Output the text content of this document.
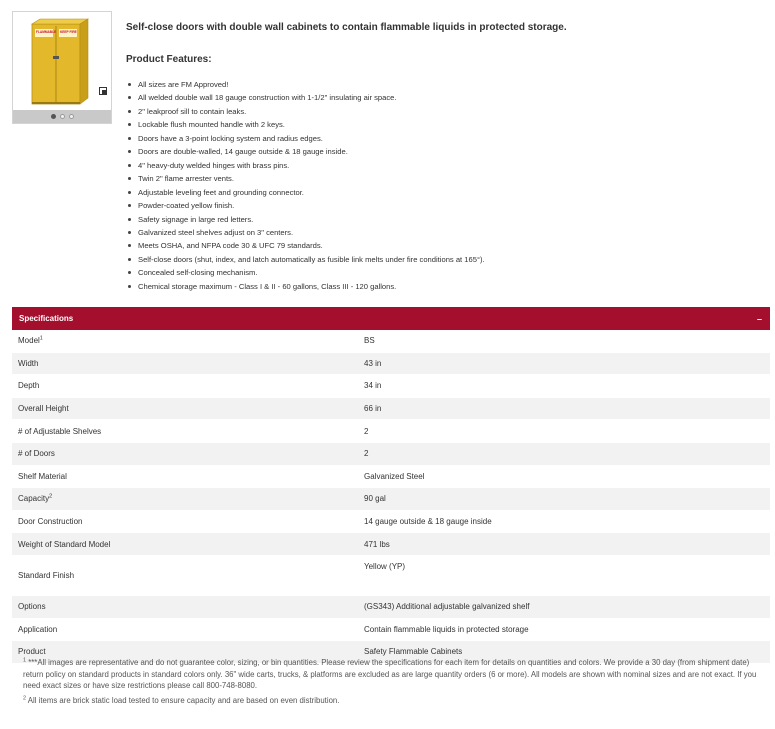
FLAMMABLE KEEP FIRE	Self-close doors with double wall cabinets to contain flammable liquids in protected storage.

Product Features:

All sizes are FM Approved!
All welded double wall 18 gauge construction with 1-1/2" insulating air space.
2" leakproof sill to contain leaks.
Lockable flush mounted handle with 2 keys.
Doors have a 3-point locking system and radius edges.
Doors are double-walled, 14 gauge outside & 18 gauge inside.
4" heavy-duty welded hinges with brass pins.
Twin 2" flame arrester vents.
Adjustable leveling feet and grounding connector.
Powder-coated yellow finish.
Safety signage in large red letters.
Galvanized steel shelves adjust on 3" centers.
Meets OSHA, and NFPA code 30 & UFC 79 standards.
Self-close doors (shut, index, and latch automatically as fusible link melts under fire conditions at 165°).
Concealed self-closing mechanism.
Chemical storage maximum - Class I & II - 60 gallons, Class III - 120 gallons.
Specifications	–
Model$^1$	BS
Width	43 in
Depth	34 in
Overall Height	66 in
# of Adjustable Shelves	2
# of Doors	2
Shelf Material	Galvanized Steel
Capacity$^2$	90 gal
Door Construction	14 gauge outside & 18 gauge inside
Weight of Standard Model	471 lbs
Standard Finish	Yellow (YP)
Options	(GS343) Additional adjustable galvanized shelf
Application	Contain flammable liquids in protected storage
Product	Safety Flammable Cabinets

$^1$ ***All images are representative and do not guarantee color, sizing, or bin quantities. Please review the specifications for each item for details on quantities and colors. We provide a 30 day (from shipment date) return policy on standard products in standard colors only. 36" wide carts, trucks, & platforms are excluded as are large quantity orders (6 or more). All models are shown with nominal sizes and are not exact. If you need exact sizes or have size restrictions please call 800-748-8080.

$^2$ All items are brick static load tested to ensure capacity and are based on even distribution.
